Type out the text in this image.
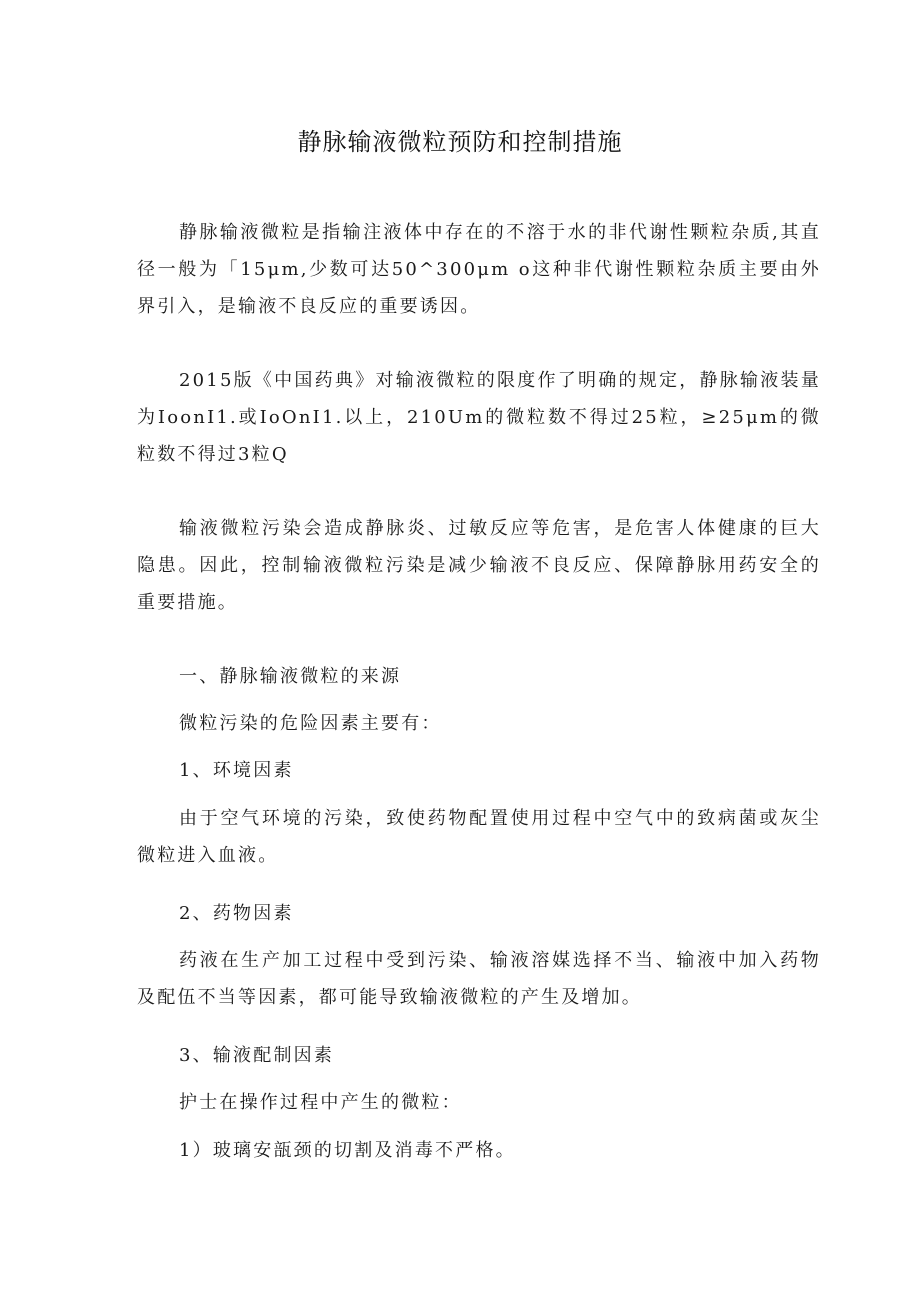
静脉输液微粒预防和控制措施

静脉输液微粒是指输注液体中存在的不溶于水的非代谢性颗粒杂质,其直径一般为「15μm,少数可达50^300μm o这种非代谢性颗粒杂质主要由外界引入，是输液不良反应的重要诱因。

2015版《中国药典》对输液微粒的限度作了明确的规定，静脉输液装量为IoonI1.或IoOnI1.以上，210Um的微粒数不得过25粒，≥25μm的微粒数不得过3粒Q

输液微粒污染会造成静脉炎、过敏反应等危害，是危害人体健康的巨大隐患。因此，控制输液微粒污染是减少输液不良反应、保障静脉用药安全的重要措施。

一、静脉输液微粒的来源

微粒污染的危险因素主要有：

1、环境因素

由于空气环境的污染，致使药物配置使用过程中空气中的致病菌或灰尘微粒进入血液。

2、药物因素

药液在生产加工过程中受到污染、输液溶媒选择不当、输液中加入药物及配伍不当等因素，都可能导致输液微粒的产生及增加。

3、输液配制因素

护士在操作过程中产生的微粒：

1）玻璃安瓿颈的切割及消毒不严格。
